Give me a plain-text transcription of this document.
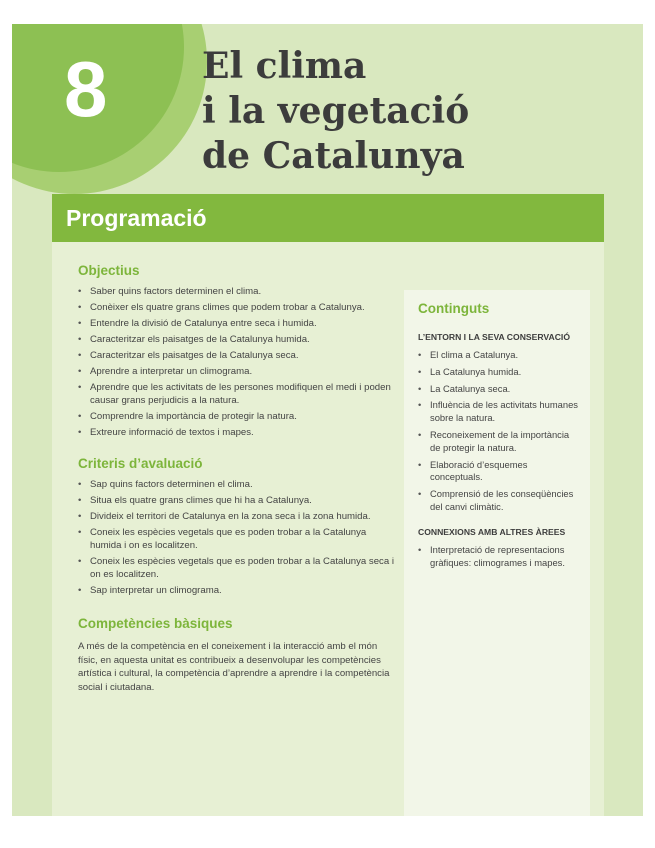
8	El clima
i la vegetació
de Catalunya
Programació
Objectius
• Saber quins factors determinen el clima.
• Conèixer els quatre grans climes que podem trobar a Catalunya.
• Entendre la divisió de Catalunya entre seca i humida.
• Caracteritzar els paisatges de la Catalunya humida.
• Caracteritzar els paisatges de la Catalunya seca.
• Aprendre a interpretar un climograma.
• Aprendre que les activitats de les persones modifiquen el medi i poden causar grans perjudicis a la natura.
• Comprendre la importància de protegir la natura.
• Extreure informació de textos i mapes.
Criteris d’avaluació
• Sap quins factors determinen el clima.
• Situa els quatre grans climes que hi ha a Catalunya.
• Divideix el territori de Catalunya en la zona seca i la zona humida.
• Coneix les espècies vegetals que es poden trobar a la Catalunya humida i on es localitzen.
• Coneix les espècies vegetals que es poden trobar a la Catalunya seca i on es localitzen.
• Sap interpretar un climograma.
Competències bàsiques

A més de la competència en el coneixement i la interacció amb el món físic, en aquesta unitat es contribueix a desenvolupar les competències artística i cultural, la competència d’aprendre a aprendre i la competència social i ciutadana.

Continguts
L’ENTORN I LA SEVA CONSERVACIÓ
• El clima a Catalunya.
• La Catalunya humida.
• La Catalunya seca.
• Influència de les activitats humanes sobre la natura.
• Reconeixement de la importància de protegir la natura.
• Elaboració d’esquemes conceptuals.
• Comprensió de les conseqüències del canvi climàtic.
CONNEXIONS AMB ALTRES ÀREES
• Interpretació de representacions gràfiques: climogrames i mapes.
